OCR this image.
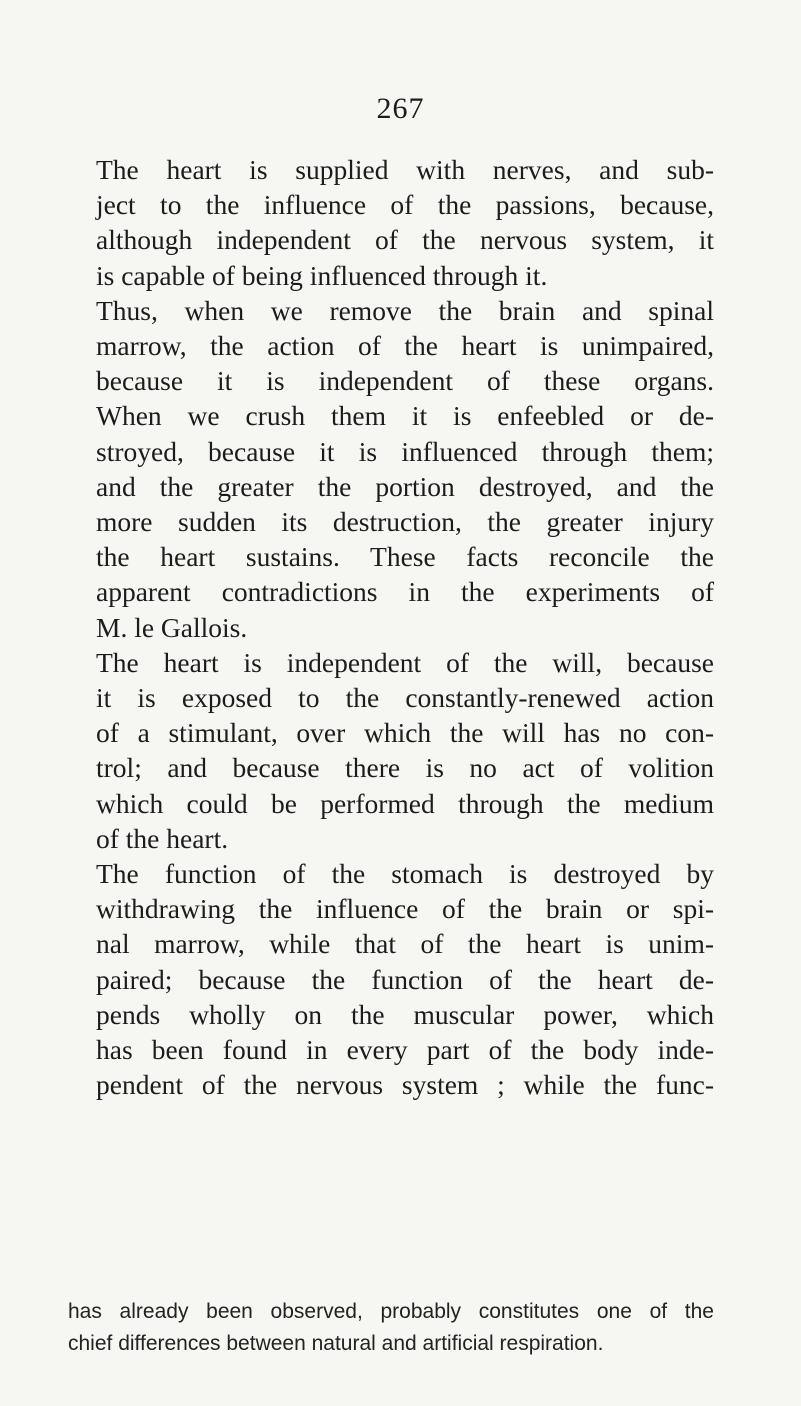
267

The heart is supplied with nerves, and sub-
ject to the influence of the passions, because,
although independent of the nervous system, it
is capable of being influenced through it.

Thus, when we remove the brain and spinal
marrow, the action of the heart is unimpaired,
because it is independent of these organs.
When we crush them it is enfeebled or de-
stroyed, because it is influenced through them;
and the greater the portion destroyed, and the
more sudden its destruction, the greater injury
the heart sustains. These facts reconcile the
apparent contradictions in the experiments of
M. le Gallois.

The heart is independent of the will, because
it is exposed to the constantly-renewed action
of a stimulant, over which the will has no con-
trol; and because there is no act of volition
which could be performed through the medium
of the heart.

The function of the stomach is destroyed by
withdrawing the influence of the brain or spi-
nal marrow, while that of the heart is unim-
paired; because the function of the heart de-
pends wholly on the muscular power, which
has been found in every part of the body inde-
pendent of the nervous system ; while the func-

has already been observed, probably constitutes one of the
chief differences between natural and artificial respiration.
